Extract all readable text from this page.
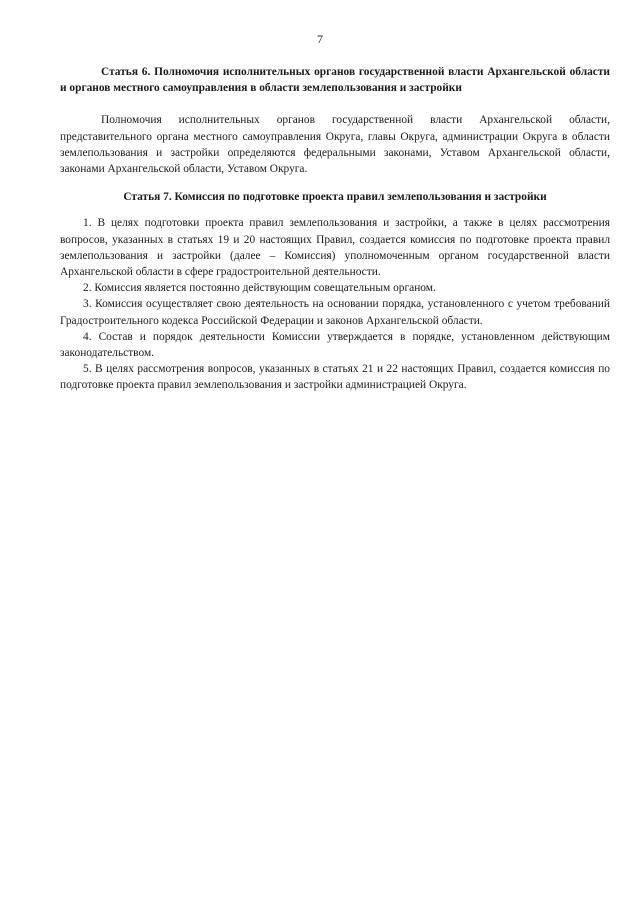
7

Статья 6. Полномочия исполнительных органов государственной власти Архангельской области и органов местного самоуправления в области землепользования и застройки

Полномочия исполнительных органов государственной власти Архангельской области, представительного органа местного самоуправления Округа, главы Округа, администрации Округа в области землепользования и застройки определяются федеральными законами, Уставом Архангельской области, законами Архангельской области, Уставом Округа.

Статья 7. Комиссия по подготовке проекта правил землепользования и застройки

1. В целях подготовки проекта правил землепользования и застройки, а также в целях рассмотрения вопросов, указанных в статьях 19 и 20 настоящих Правил, создается комиссия по подготовке проекта правил землепользования и застройки (далее – Комиссия) уполномоченным органом государственной власти Архангельской области в сфере градостроительной деятельности.

2. Комиссия является постоянно действующим совещательным органом.

3. Комиссия осуществляет свою деятельность на основании порядка, установленного с учетом требований Градостроительного кодекса Российской Федерации и законов Архангельской области.

4. Состав и порядок деятельности Комиссии утверждается в порядке, установленном действующим законодательством.

5. В целях рассмотрения вопросов, указанных в статьях 21 и 22 настоящих Правил, создается комиссия по подготовке проекта правил землепользования и застройки администрацией Округа.
